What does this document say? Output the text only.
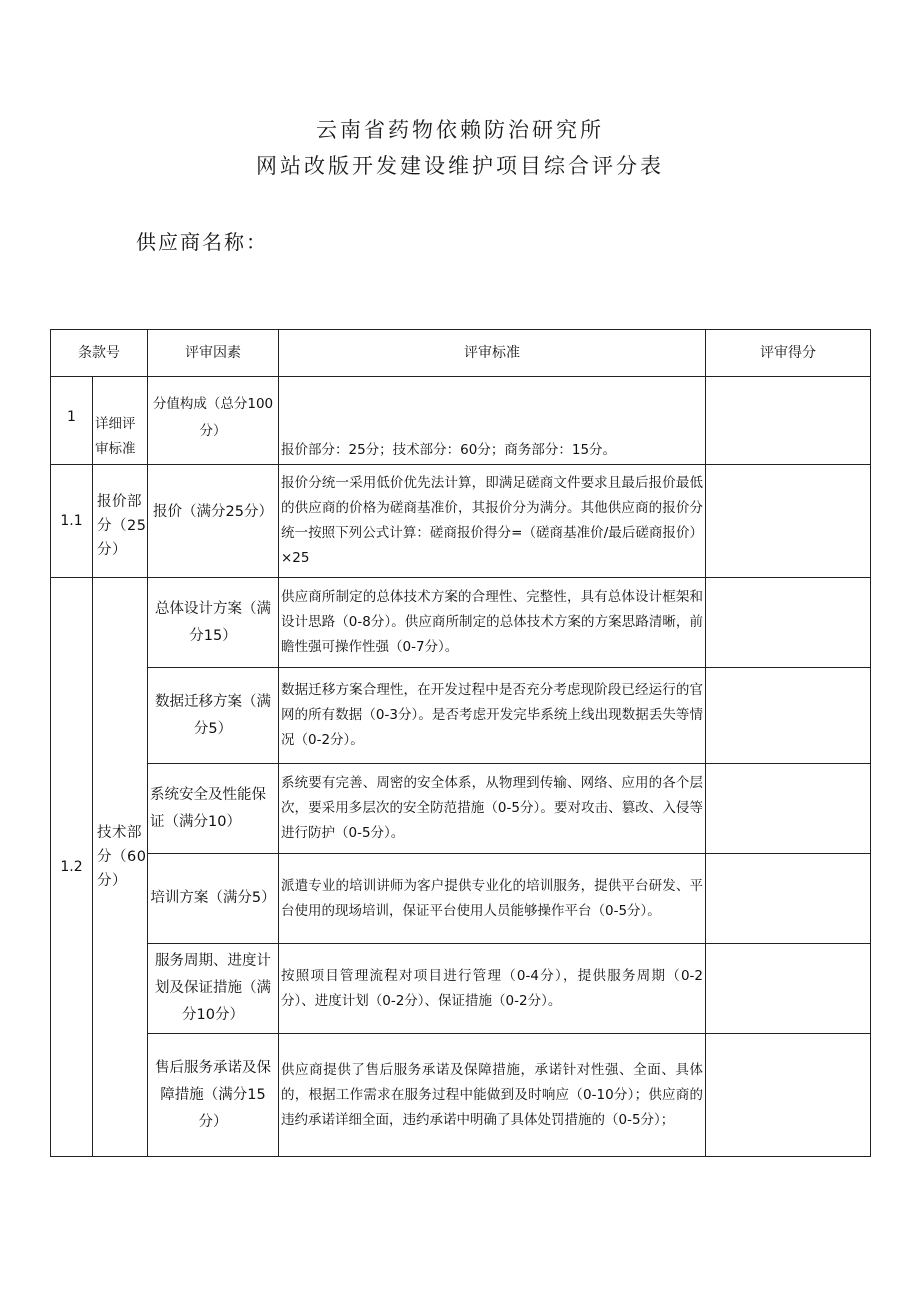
云南省药物依赖防治研究所
网站改版开发建设维护项目综合评分表
供应商名称：
条款号		评审因素	评审标准	评审得分
1	详细评审标准	分值构成（总分100分）	报价部分：25分；技术部分：60分；商务部分：15分。	
1.1	报价部分（25分）	报价（满分25分）	报价分统一采用低价优先法计算，即满足磋商文件要求且最后报价最低的供应商的价格为磋商基准价，其报价分为满分。其他供应商的报价分统一按照下列公式计算：磋商报价得分=（磋商基准价/最后磋商报价）×25	
1.2	技术部分（60分）	总体设计方案（满分15）	供应商所制定的总体技术方案的合理性、完整性，具有总体设计框架和设计思路（0-8分）。供应商所制定的总体技术方案的方案思路清晰，前瞻性强可操作性强（0-7分）。	
		数据迁移方案（满分5）	数据迁移方案合理性，在开发过程中是否充分考虑现阶段已经运行的官网的所有数据（0-3分）。是否考虑开发完毕系统上线出现数据丢失等情况（0-2分）。	
		系统安全及性能保证（满分10）	系统要有完善、周密的安全体系，从物理到传输、网络、应用的各个层次，要采用多层次的安全防范措施（0-5分）。要对攻击、篡改、入侵等进行防护（0-5分）。	
		培训方案（满分5）	派遣专业的培训讲师为客户提供专业化的培训服务，提供平台研发、平台使用的现场培训，保证平台使用人员能够操作平台（0-5分）。	
		服务周期、进度计划及保证措施（满分10分）	按照项目管理流程对项目进行管理（0-4分），提供服务周期（0-2分）、进度计划（0-2分）、保证措施（0-2分）。	
		售后服务承诺及保障措施（满分15分）	供应商提供了售后服务承诺及保障措施，承诺针对性强、全面、具体的，根据工作需求在服务过程中能做到及时响应（0-10分）；供应商的违约承诺详细全面，违约承诺中明确了具体处罚措施的（0-5分）；	
